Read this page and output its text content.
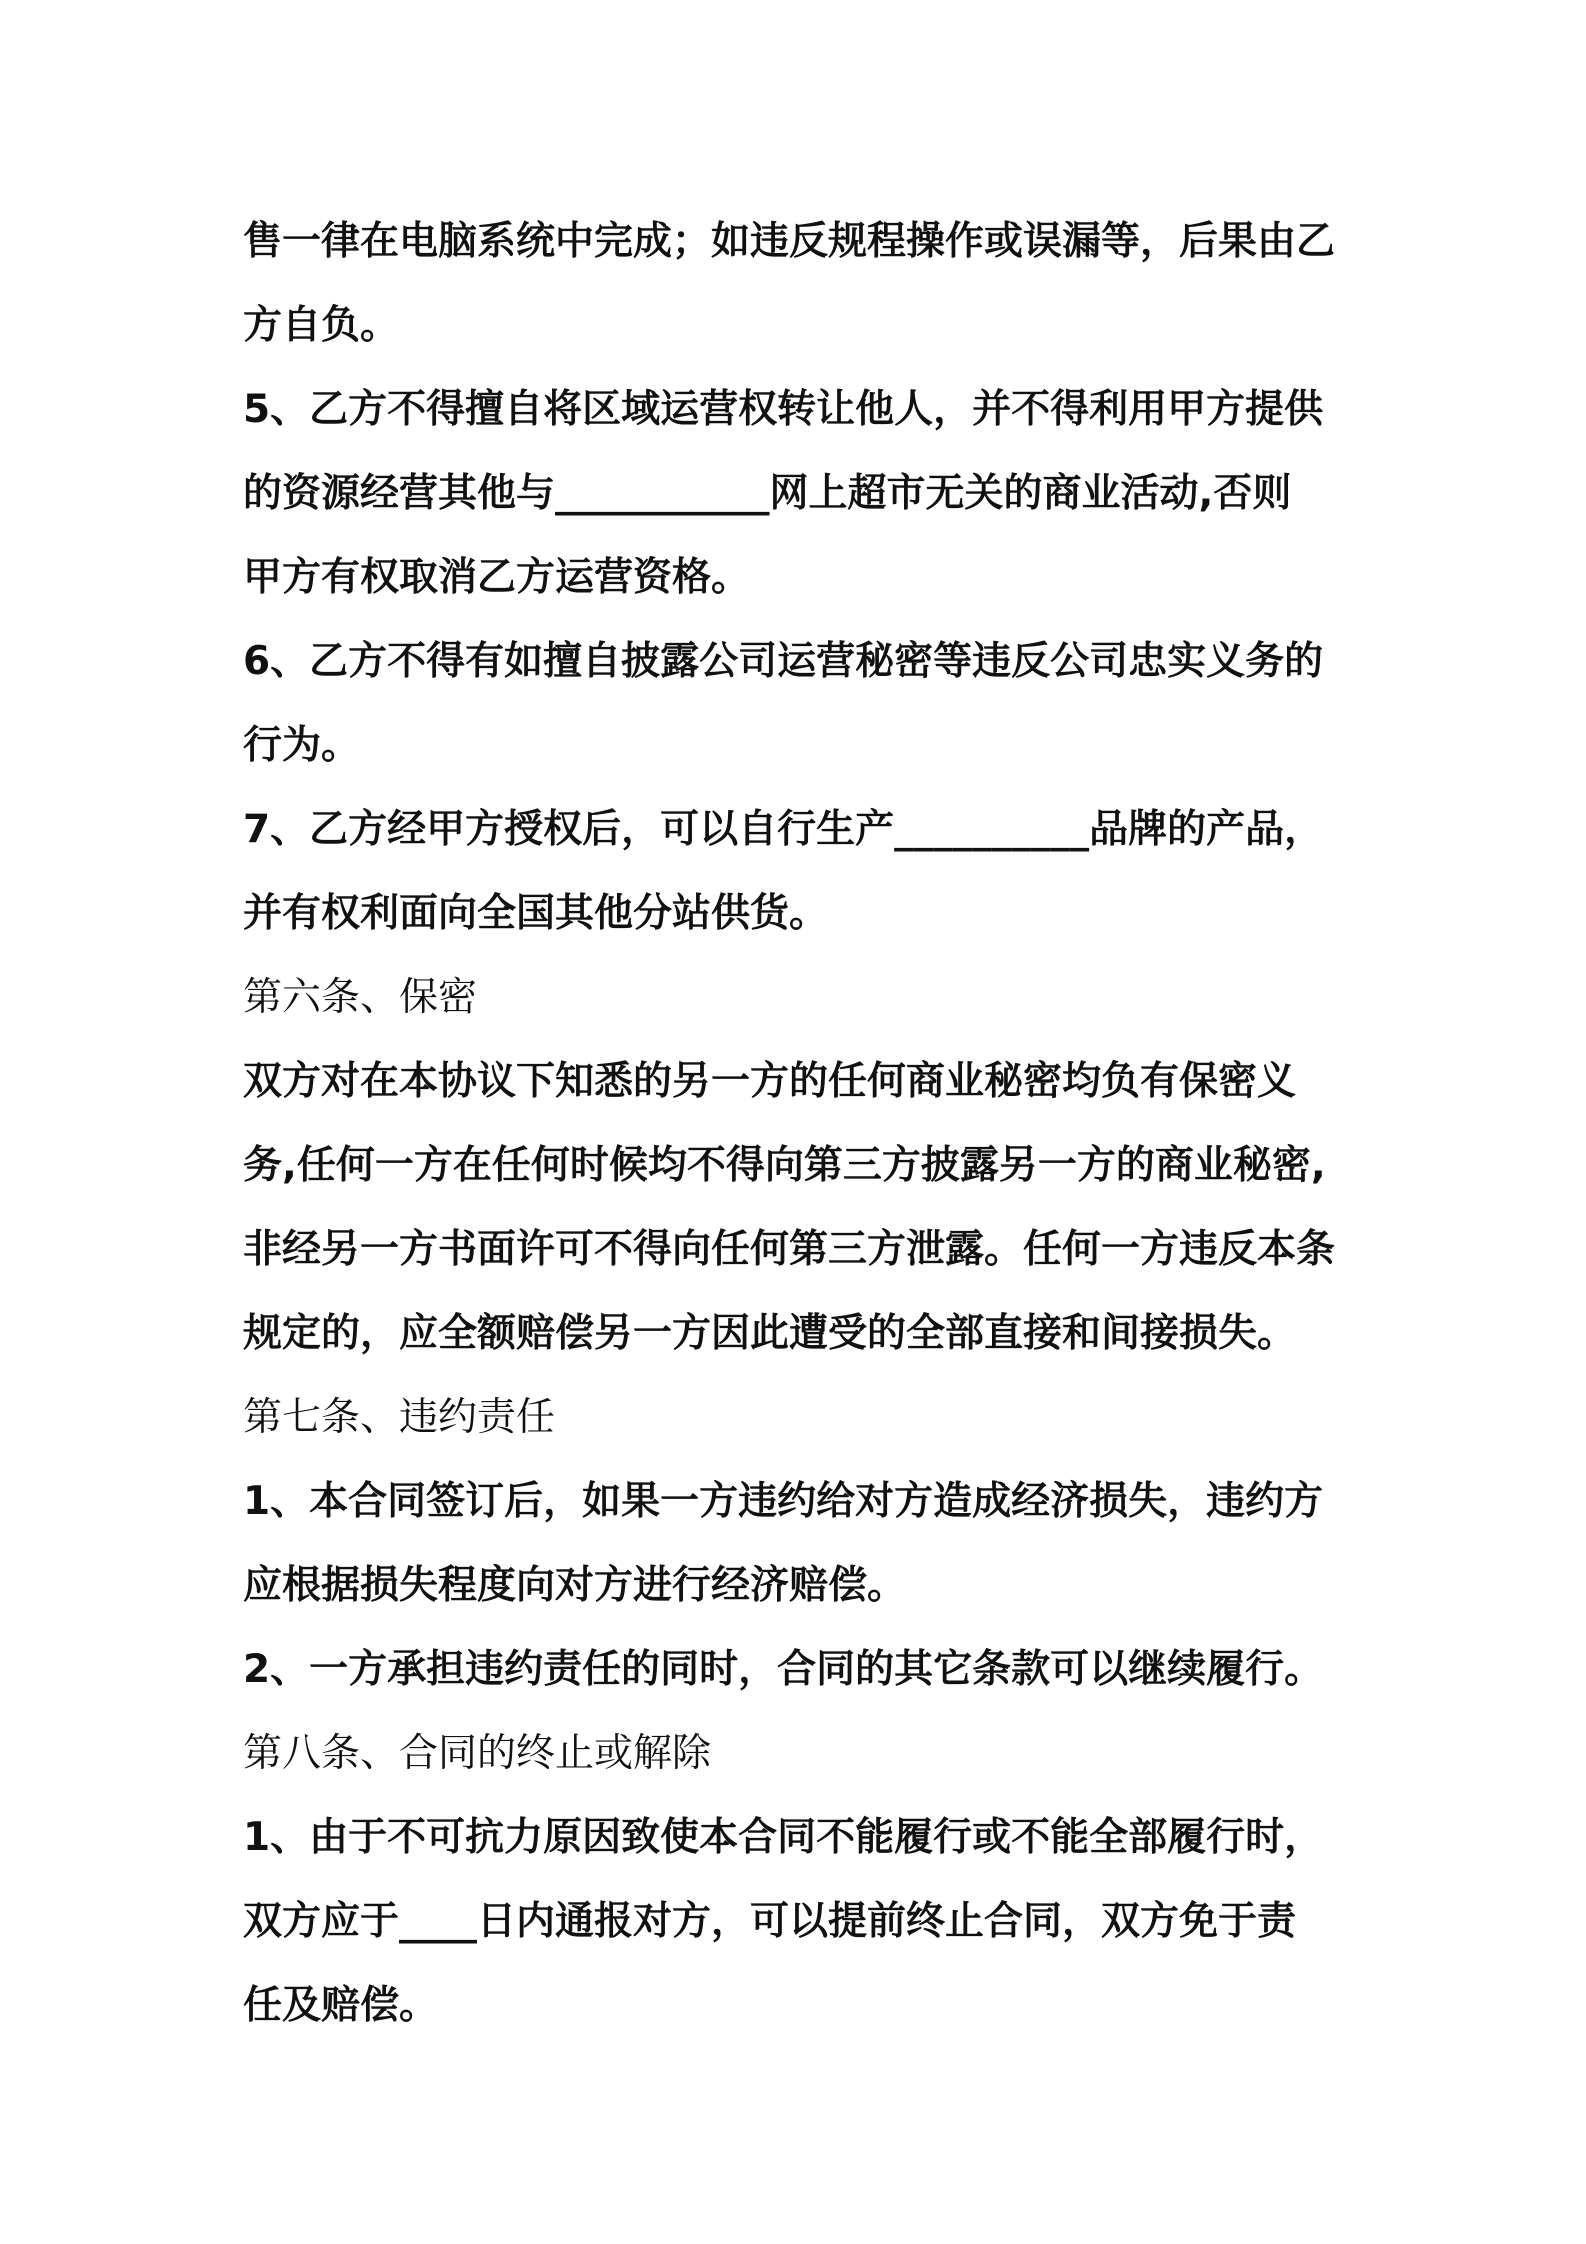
售一律在电脑系统中完成；如违反规程操作或误漏等，后果由乙
方自负。
5、乙方不得擅自将区域运营权转让他人，并不得利用甲方提供
的资源经营其他与___________网上超市无关的商业活动,否则
甲方有权取消乙方运营资格。
6、乙方不得有如擅自披露公司运营秘密等违反公司忠实义务的
行为。
7、乙方经甲方授权后，可以自行生产__________品牌的产品，
并有权利面向全国其他分站供货。
第六条、保密
双方对在本协议下知悉的另一方的任何商业秘密均负有保密义
务,任何一方在任何时候均不得向第三方披露另一方的商业秘密,
非经另一方书面许可不得向任何第三方泄露。任何一方违反本条
规定的，应全额赔偿另一方因此遭受的全部直接和间接损失。
第七条、违约责任
1、本合同签订后，如果一方违约给对方造成经济损失，违约方
应根据损失程度向对方进行经济赔偿。
2、一方承担违约责任的同时，合同的其它条款可以继续履行。
第八条、合同的终止或解除
1、由于不可抗力原因致使本合同不能履行或不能全部履行时，
双方应于____日内通报对方，可以提前终止合同，双方免于责
任及赔偿。
